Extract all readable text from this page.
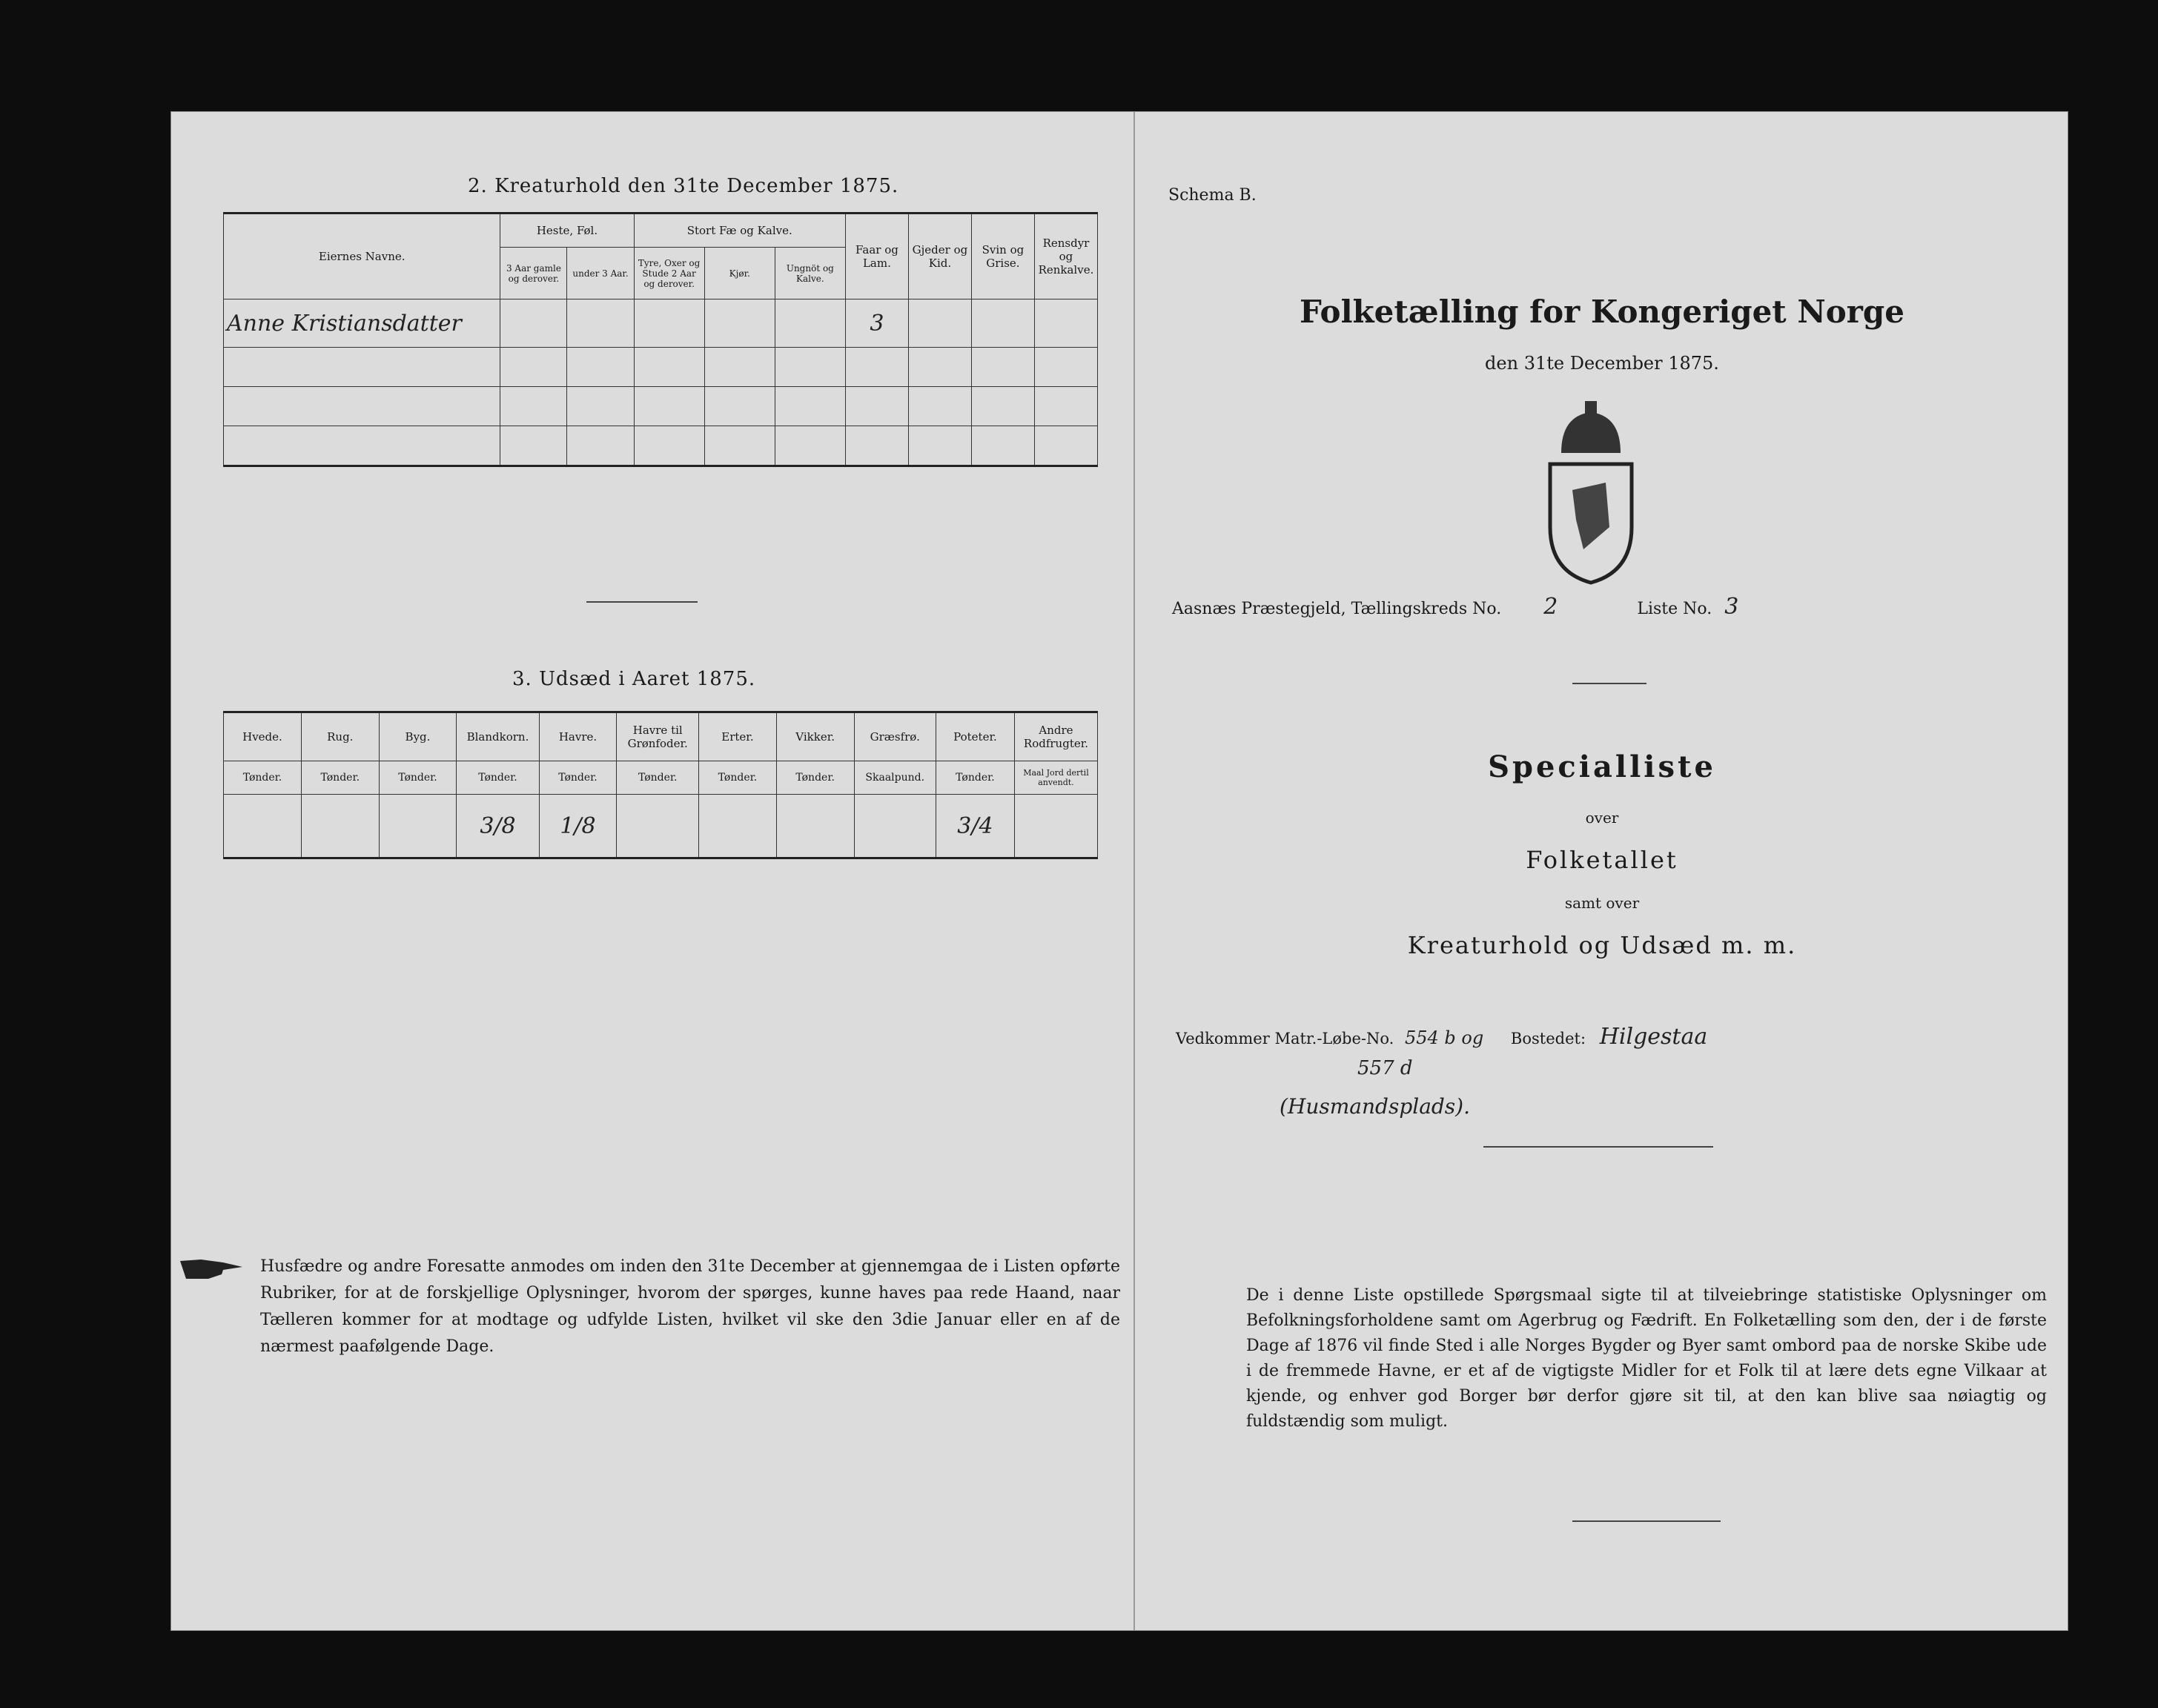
2. Kreaturhold den 31te December 1875.
Eiernes Navne.	Heste, Føl.		Stort Fæ og Kalve.			Faar og Lam.	Gjeder og Kid.	Svin og Grise.	Rensdyr og Renkalve.
	3 Aar gamle og derover.	under 3 Aar.	Tyre, Oxer og Stude 2 Aar og derover.	Kjør.	Ungnöt og Kalve.				
Anne Kristiansdatter						3			

3. Udsæd i Aaret 1875.
Hvede.	Rug.	Byg.	Blandkorn.	Havre.	Havre til Grønfoder.	Erter.	Vikker.	Græsfrø.	Poteter.	Andre Rodfrugter.
Tønder.	Tønder.	Tønder.	Tønder.	Tønder.	Tønder.	Tønder.	Tønder.	Skaalpund.	Tønder.	Maal Jord dertil anvendt.
			3/8	1/8					3/4	
Husfædre og andre Foresatte anmodes om inden den 31te December at gjennemgaa de i Listen opførte Rubriker, for at de forskjellige Oplysninger, hvorom der spørges, kunne haves paa rede Haand, naar Tælleren kommer for at modtage og udfylde Listen, hvilket vil ske den 3die Januar eller en af de nærmest paafølgende Dage.
Schema B.
Folketælling for Kongeriget Norge
den 31te December 1875.
Aasnæs Præstegjeld, Tællingskreds No. 2	Liste No. 3
Specialliste
over
Folketallet
samt over
Kreaturhold og Udsæd m. m.
Vedkommer Matr.-Løbe-No. 554 b og Bostedet: Hilgestaa
557 d
(Husmandsplads).
De i denne Liste opstillede Spørgsmaal sigte til at tilveiebringe statistiske Oplysninger om Befolkningsforholdene samt om Agerbrug og Fædrift. En Folketælling som den, der i de første Dage af 1876 vil finde Sted i alle Norges Bygder og Byer samt ombord paa de norske Skibe ude i de fremmede Havne, er et af de vigtigste Midler for et Folk til at lære dets egne Vilkaar at kjende, og enhver god Borger bør derfor gjøre sit til, at den kan blive saa nøiagtig og fuldstændig som muligt.
